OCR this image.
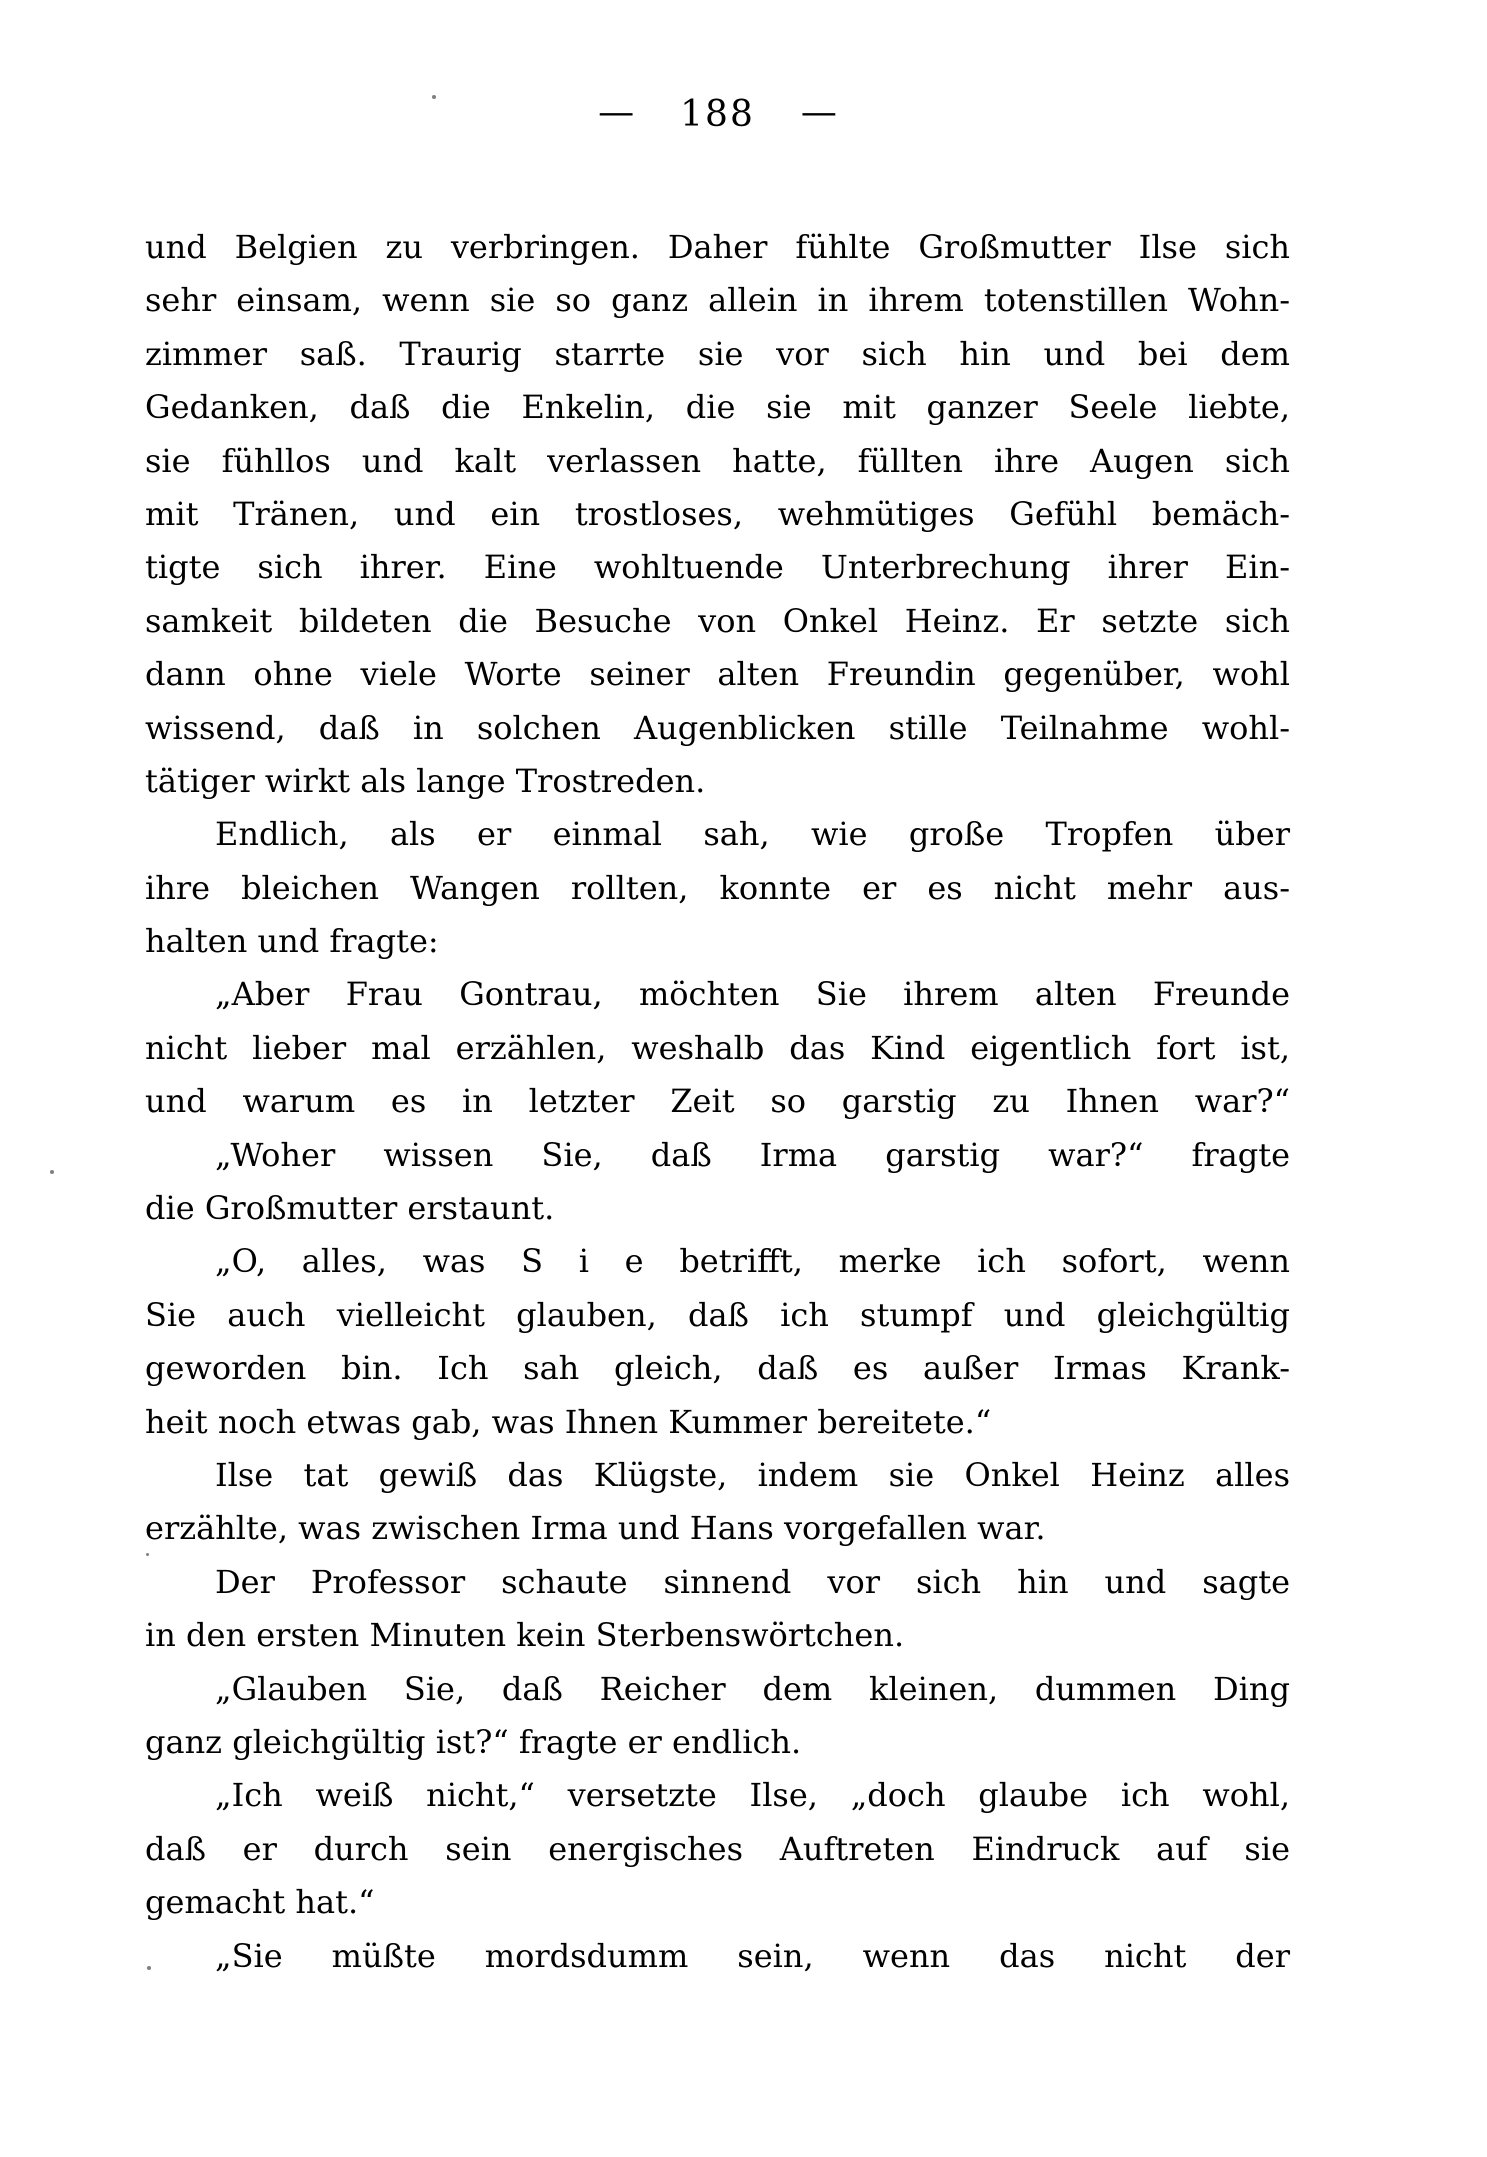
— 188 —
und Belgien zu verbringen. Daher fühlte Großmutter Ilse sich
sehr einsam, wenn sie so ganz allein in ihrem totenstillen Wohn-
zimmer saß. Traurig starrte sie vor sich hin und bei dem
Gedanken, daß die Enkelin, die sie mit ganzer Seele liebte,
sie fühllos und kalt verlassen hatte, füllten ihre Augen sich
mit Tränen, und ein trostloses, wehmütiges Gefühl bemäch-
tigte sich ihrer. Eine wohltuende Unterbrechung ihrer Ein-
samkeit bildeten die Besuche von Onkel Heinz. Er setzte sich
dann ohne viele Worte seiner alten Freundin gegenüber, wohl
wissend, daß in solchen Augenblicken stille Teilnahme wohl-
tätiger wirkt als lange Trostreden.
Endlich, als er einmal sah, wie große Tropfen über
ihre bleichen Wangen rollten, konnte er es nicht mehr aus-
halten und fragte:
„Aber Frau Gontrau, möchten Sie ihrem alten Freunde
nicht lieber mal erzählen, weshalb das Kind eigentlich fort ist,
und warum es in letzter Zeit so garstig zu Ihnen war?“
„Woher wissen Sie, daß Irma garstig war?“ fragte
die Großmutter erstaunt.
„O, alles, was S i e betrifft, merke ich sofort, wenn
Sie auch vielleicht glauben, daß ich stumpf und gleichgültig
geworden bin. Ich sah gleich, daß es außer Irmas Krank-
heit noch etwas gab, was Ihnen Kummer bereitete.“
Ilse tat gewiß das Klügste, indem sie Onkel Heinz alles
erzählte, was zwischen Irma und Hans vorgefallen war.
Der Professor schaute sinnend vor sich hin und sagte
in den ersten Minuten kein Sterbenswörtchen.
„Glauben Sie, daß Reicher dem kleinen, dummen Ding
ganz gleichgültig ist?“ fragte er endlich.
„Ich weiß nicht,“ versetzte Ilse, „doch glaube ich wohl,
daß er durch sein energisches Auftreten Eindruck auf sie
gemacht hat.“
„Sie müßte mordsdumm sein, wenn das nicht der
